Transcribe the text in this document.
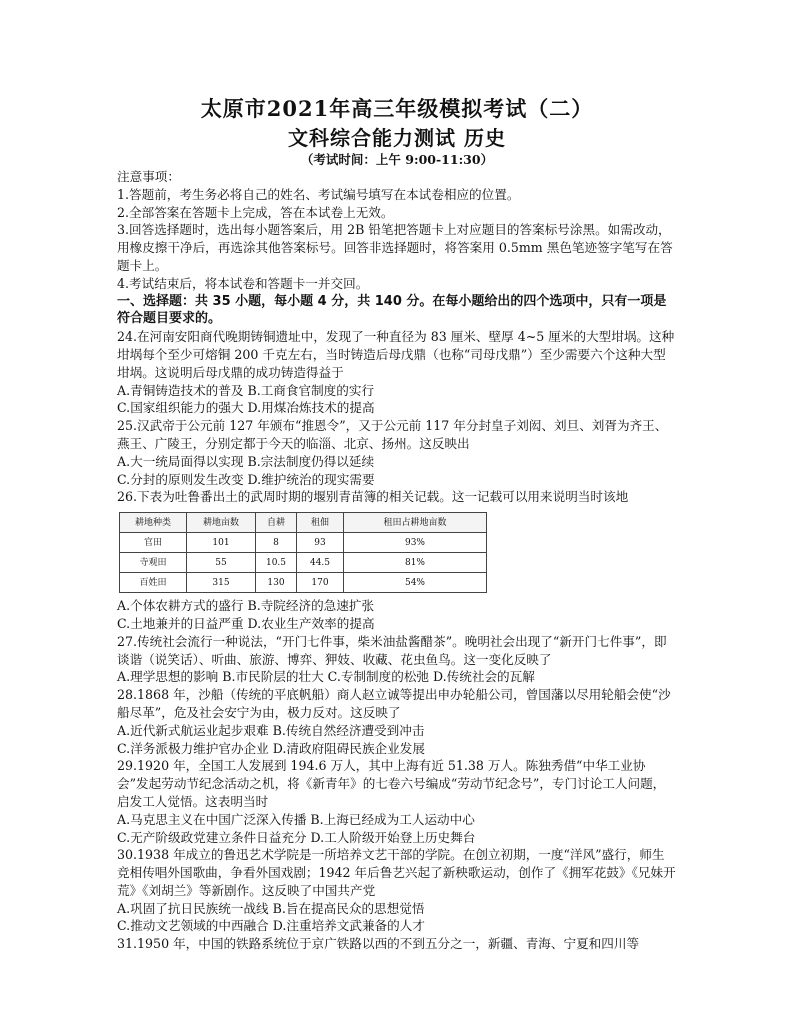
太原市2021年高三年级模拟考试（二）
文科综合能力测试 历史
（考试时间：上午 9:00-11:30）

注意事项：

1.答题前，考生务必将自己的姓名、考试编号填写在本试卷相应的位置。

2.全部答案在答题卡上完成，答在本试卷上无效。

3.回答选择题时，选出每小题答案后，用 2B 铅笔把答题卡上对应题目的答案标号涂黑。如需改动，用橡皮擦干净后，再选涂其他答案标号。回答非选择题时，将答案用 0.5mm 黑色笔迹签字笔写在答题卡上。

4.考试结束后，将本试卷和答题卡一并交回。

一、选择题：共 35 小题，每小题 4 分，共 140 分。在每小题给出的四个选项中，只有一项是符合题目要求的。

24.在河南安阳商代晚期铸铜遗址中，发现了一种直径为 83 厘米、壁厚 4~5 厘米的大型坩埚。这种坩埚每个至少可熔铜 200 千克左右，当时铸造后母戊鼎（也称“司母戊鼎”）至少需要六个这种大型坩埚。这说明后母戊鼎的成功铸造得益于

A.青铜铸造技术的普及 B.工商食官制度的实行

C.国家组织能力的强大 D.用煤冶炼技术的提高

25.汉武帝于公元前 127 年颁布“推恩令”，又于公元前 117 年分封皇子刘闳、刘旦、刘胥为齐王、燕王、广陵王，分别定都于今天的临淄、北京、扬州。这反映出

A.大一统局面得以实现 B.宗法制度仍得以延续

C.分封的原则发生改变 D.维护统治的现实需要

26.下表为吐鲁番出土的武周时期的堰别青苗簿的相关记载。这一记载可以用来说明当时该地

耕地种类	耕地亩数	自耕	租佃	租田占耕地亩数
官田	101	8	93	93%
寺观田	55	10.5	44.5	81%
百姓田	315	130	170	54%

A.个体农耕方式的盛行 B.寺院经济的急速扩张

C.土地兼并的日益严重 D.农业生产效率的提高

27.传统社会流行一种说法，“开门七件事，柴米油盐酱醋茶”。晚明社会出现了“新开门七件事”，即谈谐（说笑话）、听曲、旅游、博弈、狎妓、收藏、花虫鱼鸟。这一变化反映了

A.理学思想的影响 B.市民阶层的壮大 C.专制制度的松弛 D.传统社会的瓦解

28.1868 年，沙船（传统的平底帆船）商人赵立诚等提出申办轮船公司，曾国藩以尽用轮船会使“沙船尽革”，危及社会安宁为由，极力反对。这反映了

A.近代新式航运业起步艰难 B.传统自然经济遭受到冲击

C.洋务派极力维护官办企业 D.清政府阻碍民族企业发展

29.1920 年，全国工人发展到 194.6 万人，其中上海有近 51.38 万人。陈独秀借“中华工业协会”发起劳动节纪念活动之机，将《新青年》的七卷六号编成“劳动节纪念号”，专门讨论工人问题，启发工人觉悟。这表明当时

A.马克思主义在中国广泛深入传播 B.上海已经成为工人运动中心

C.无产阶级政党建立条件日益充分 D.工人阶级开始登上历史舞台

30.1938 年成立的鲁迅艺术学院是一所培养文艺干部的学院。在创立初期，一度“洋风”盛行，师生竞相传唱外国歌曲，争看外国戏剧；1942 年后鲁艺兴起了新秧歌运动，创作了《拥军花鼓》《兄妹开荒》《刘胡兰》等新剧作。这反映了中国共产党

A.巩固了抗日民族统一战线 B.旨在提高民众的思想觉悟

C.推动文艺领域的中西融合 D.注重培养文武兼备的人才

31.1950 年，中国的铁路系统位于京广铁路以西的不到五分之一，新疆、青海、宁夏和四川等
